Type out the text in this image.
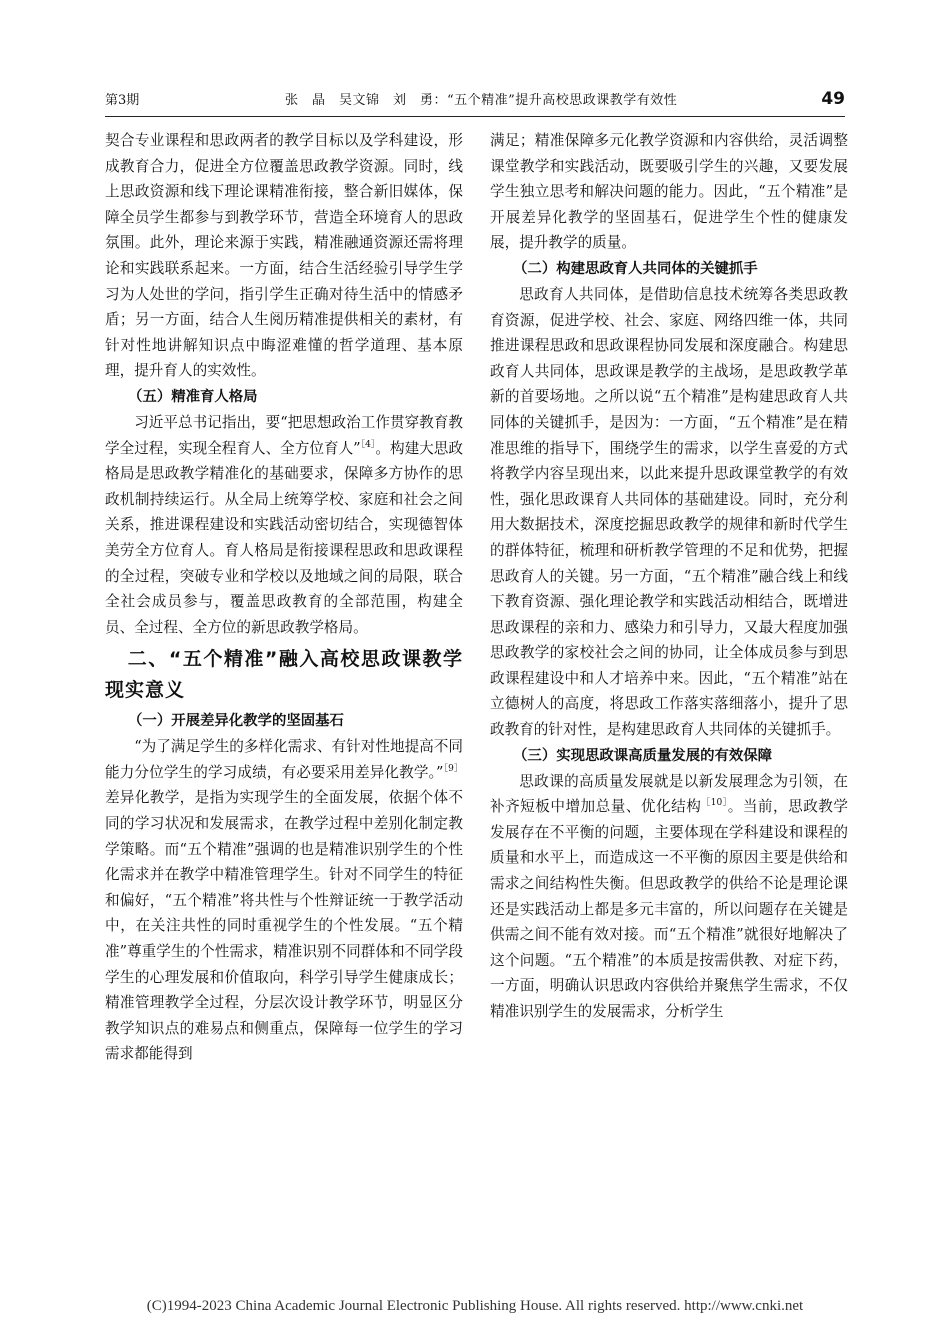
第3期	张　晶　吴文锦　刘　勇：“五个精准”提升高校思政课教学有效性	49

契合专业课程和思政两者的教学目标以及学科建设，形成教育合力，促进全方位覆盖思政教学资源。同时，线上思政资源和线下理论课精准衔接，整合新旧媒体，保障全员学生都参与到教学环节，营造全环境育人的思政氛围。此外，理论来源于实践，精准融通资源还需将理论和实践联系起来。一方面，结合生活经验引导学生学习为人处世的学问，指引学生正确对待生活中的情感矛盾；另一方面，结合人生阅历精准提供相关的素材，有针对性地讲解知识点中晦涩难懂的哲学道理、基本原理，提升育人的实效性。

（五）精准育人格局

习近平总书记指出，要“把思想政治工作贯穿教育教学全过程，实现全程育人、全方位育人”$^{[4]}$。构建大思政格局是思政教学精准化的基础要求，保障多方协作的思政机制持续运行。从全局上统筹学校、家庭和社会之间关系，推进课程建设和实践活动密切结合，实现德智体美劳全方位育人。育人格局是衔接课程思政和思政课程的全过程，突破专业和学校以及地域之间的局限，联合全社会成员参与，覆盖思政教育的全部范围，构建全员、全过程、全方位的新思政教学格局。

二、“五个精准”融入高校思政课教学现实意义
（一）开展差异化教学的坚固基石

“为了满足学生的多样化需求、有针对性地提高不同能力分位学生的学习成绩，有必要采用差异化教学。”$^{[9]}$差异化教学，是指为实现学生的全面发展，依据个体不同的学习状况和发展需求，在教学过程中差别化制定教学策略。而“五个精准”强调的也是精准识别学生的个性化需求并在教学中精准管理学生。针对不同学生的特征和偏好，“五个精准”将共性与个性辩证统一于教学活动中，在关注共性的同时重视学生的个性发展。“五个精准”尊重学生的个性需求，精准识别不同群体和不同学段学生的心理发展和价值取向，科学引导学生健康成长；精准管理教学全过程，分层次设计教学环节，明显区分教学知识点的难易点和侧重点，保障每一位学生的学习需求都能得到

满足；精准保障多元化教学资源和内容供给，灵活调整课堂教学和实践活动，既要吸引学生的兴趣，又要发展学生独立思考和解决问题的能力。因此，“五个精准”是开展差异化教学的坚固基石，促进学生个性的健康发展，提升教学的质量。

（二）构建思政育人共同体的关键抓手

思政育人共同体，是借助信息技术统筹各类思政教育资源，促进学校、社会、家庭、网络四维一体，共同推进课程思政和思政课程协同发展和深度融合。构建思政育人共同体，思政课是教学的主战场，是思政教学革新的首要场地。之所以说“五个精准”是构建思政育人共同体的关键抓手，是因为：一方面，“五个精准”是在精准思维的指导下，围绕学生的需求，以学生喜爱的方式将教学内容呈现出来，以此来提升思政课堂教学的有效性，强化思政课育人共同体的基础建设。同时，充分利用大数据技术，深度挖掘思政教学的规律和新时代学生的群体特征，梳理和研析教学管理的不足和优势，把握思政育人的关键。另一方面，“五个精准”融合线上和线下教育资源、强化理论教学和实践活动相结合，既增进思政课程的亲和力、感染力和引导力，又最大程度加强思政教学的家校社会之间的协同，让全体成员参与到思政课程建设中和人才培养中来。因此，“五个精准”站在立德树人的高度，将思政工作落实落细落小，提升了思政教育的针对性，是构建思政育人共同体的关键抓手。

（三）实现思政课高质量发展的有效保障

思政课的高质量发展就是以新发展理念为引领，在补齐短板中增加总量、优化结构$^{[10]}$。当前，思政教学发展存在不平衡的问题，主要体现在学科建设和课程的质量和水平上，而造成这一不平衡的原因主要是供给和需求之间结构性失衡。但思政教学的供给不论是理论课还是实践活动上都是多元丰富的，所以问题存在关键是供需之间不能有效对接。而“五个精准”就很好地解决了这个问题。“五个精准”的本质是按需供教、对症下药，一方面，明确认识思政内容供给并聚焦学生需求，不仅精准识别学生的发展需求，分析学生

(C)1994-2023 China Academic Journal Electronic Publishing House. All rights reserved. http://www.cnki.net
